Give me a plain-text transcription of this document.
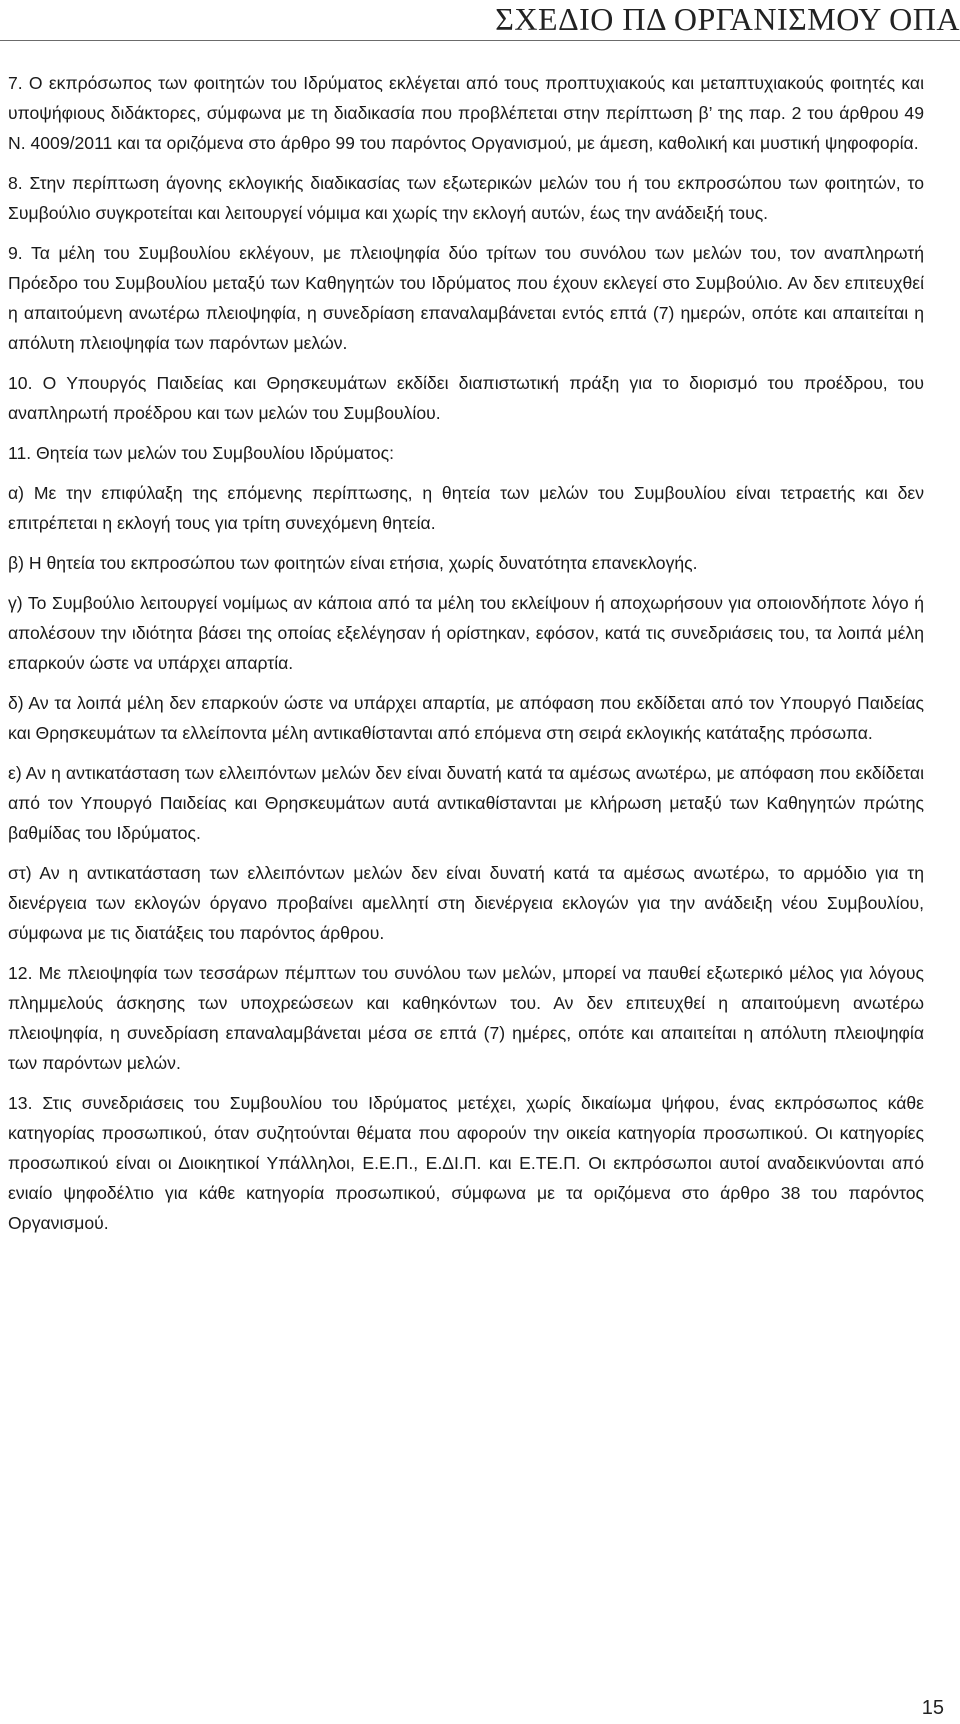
ΣΧΕΔΙΟ ΠΔ ΟΡΓΑΝΙΣΜΟΥ ΟΠΑ

7. Ο εκπρόσωπος των φοιτητών του Ιδρύματος εκλέγεται από τους προπτυχιακούς και μεταπτυχιακούς φοιτητές και υποψήφιους διδάκτορες, σύμφωνα με τη διαδικασία που προβλέπεται στην περίπτωση β’ της παρ. 2 του άρθρου 49 Ν. 4009/2011 και τα οριζόμενα στο άρθρο 99 του παρόντος Οργανισμού, με άμεση, καθολική και μυστική ψηφοφορία.

8. Στην περίπτωση άγονης εκλογικής διαδικασίας των εξωτερικών μελών του ή του εκπροσώπου των φοιτητών, το Συμβούλιο συγκροτείται και λειτουργεί νόμιμα και χωρίς την εκλογή αυτών, έως την ανάδειξή τους.

9. Τα μέλη του Συμβουλίου εκλέγουν, με πλειοψηφία δύο τρίτων του συνόλου των μελών του, τον αναπληρωτή Πρόεδρο του Συμβουλίου μεταξύ των Καθηγητών του Ιδρύματος που έχουν εκλεγεί στο Συμβούλιο. Αν δεν επιτευχθεί η απαιτούμενη ανωτέρω πλειοψηφία, η συνεδρίαση επαναλαμβάνεται εντός επτά (7) ημερών, οπότε και απαιτείται η απόλυτη πλειοψηφία των παρόντων μελών.

10. Ο Υπουργός Παιδείας και Θρησκευμάτων εκδίδει διαπιστωτική πράξη για το διορισμό του προέδρου, του αναπληρωτή προέδρου και των μελών του Συμβουλίου.

11. Θητεία των μελών του Συμβουλίου Ιδρύματος:

α) Με την επιφύλαξη της επόμενης περίπτωσης, η θητεία των μελών του Συμβουλίου είναι τετραετής και δεν επιτρέπεται η εκλογή τους για τρίτη συνεχόμενη θητεία.

β) Η θητεία του εκπροσώπου των φοιτητών είναι ετήσια, χωρίς δυνατότητα επανεκλογής.

γ) Το Συμβούλιο λειτουργεί νομίμως αν κάποια από τα μέλη του εκλείψουν ή αποχωρήσουν για οποιονδήποτε λόγο ή απολέσουν την ιδιότητα βάσει της οποίας εξελέγησαν ή ορίστηκαν, εφόσον, κατά τις συνεδριάσεις του, τα λοιπά μέλη επαρκούν ώστε να υπάρχει απαρτία.

δ) Αν τα λοιπά μέλη δεν επαρκούν ώστε να υπάρχει απαρτία, με απόφαση που εκδίδεται από τον Υπουργό Παιδείας και Θρησκευμάτων τα ελλείποντα μέλη αντικαθίστανται από επόμενα στη σειρά εκλογικής κατάταξης πρόσωπα.

ε) Αν η αντικατάσταση των ελλειπόντων μελών δεν είναι δυνατή κατά τα αμέσως ανωτέρω, με απόφαση που εκδίδεται από τον Υπουργό Παιδείας και Θρησκευμάτων αυτά αντικαθίστανται με κλήρωση μεταξύ των Καθηγητών πρώτης βαθμίδας του Ιδρύματος.

στ) Αν η αντικατάσταση των ελλειπόντων μελών δεν είναι δυνατή κατά τα αμέσως ανωτέρω, το αρμόδιο για τη διενέργεια των εκλογών όργανο προβαίνει αμελλητί στη διενέργεια εκλογών για την ανάδειξη νέου Συμβουλίου, σύμφωνα με τις διατάξεις του παρόντος άρθρου.

12. Με πλειοψηφία των τεσσάρων πέμπτων του συνόλου των μελών, μπορεί να παυθεί εξωτερικό μέλος για λόγους πλημμελούς άσκησης των υποχρεώσεων και καθηκόντων του. Αν δεν επιτευχθεί η απαιτούμενη ανωτέρω πλειοψηφία, η συνεδρίαση επαναλαμβάνεται μέσα σε επτά (7) ημέρες, οπότε και απαιτείται η απόλυτη πλειοψηφία των παρόντων μελών.

13. Στις συνεδριάσεις του Συμβουλίου του Ιδρύματος μετέχει, χωρίς δικαίωμα ψήφου, ένας εκπρόσωπος κάθε κατηγορίας προσωπικού, όταν συζητούνται θέματα που αφορούν την οικεία κατηγορία προσωπικού. Οι κατηγορίες προσωπικού είναι οι Διοικητικοί Υπάλληλοι, Ε.Ε.Π., Ε.ΔΙ.Π. και Ε.ΤΕ.Π. Οι εκπρόσωποι αυτοί αναδεικνύονται από ενιαίο ψηφοδέλτιο για κάθε κατηγορία προσωπικού, σύμφωνα με τα οριζόμενα στο άρθρο 38 του παρόντος Οργανισμού.

15
